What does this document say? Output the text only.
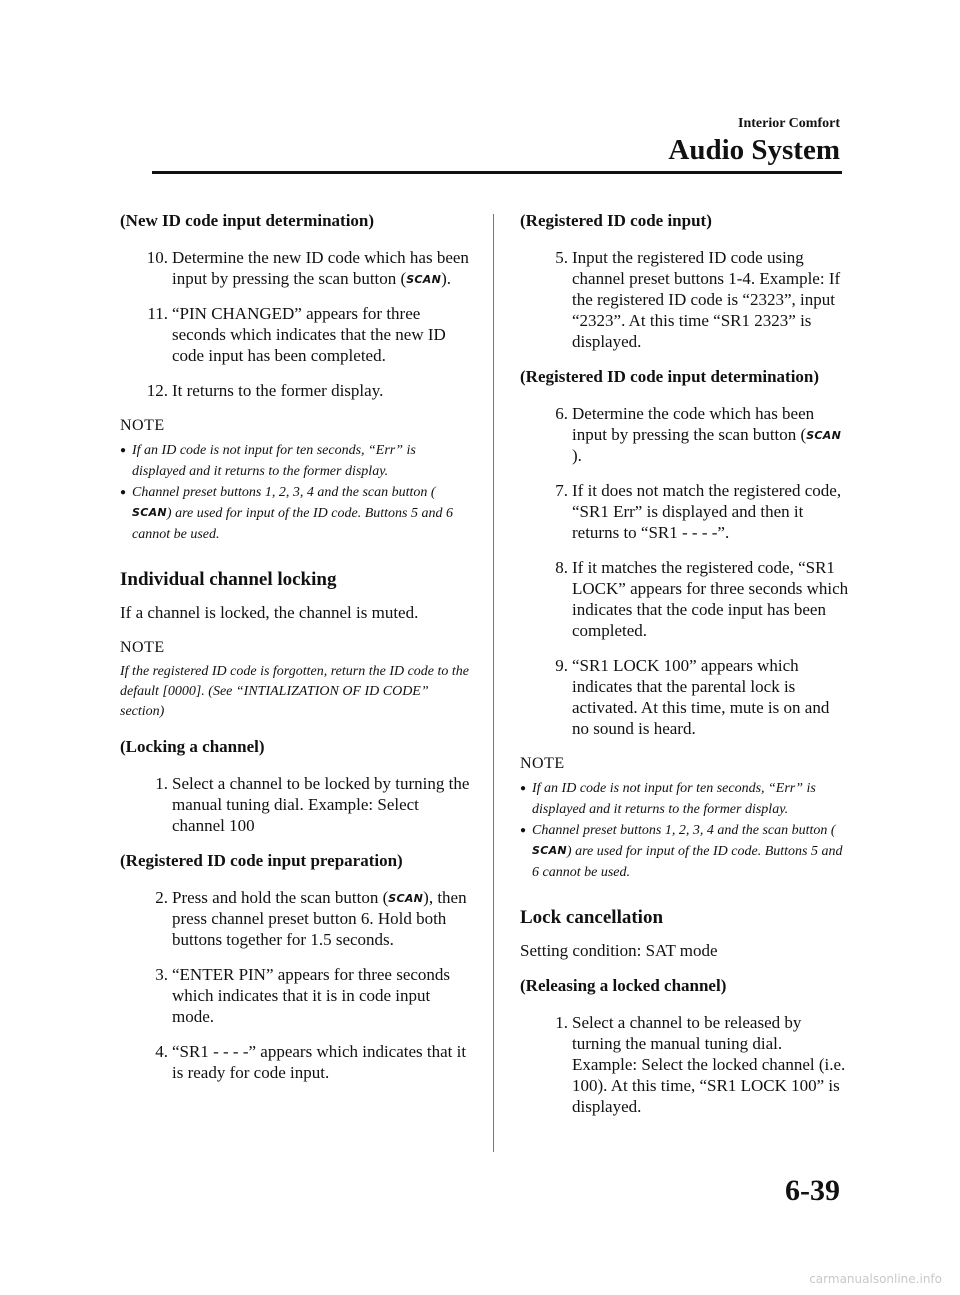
Interior Comfort
Audio System
(New ID code input determination)
10. Determine the new ID code which has been input by pressing the scan button (SCAN).
11. “PIN CHANGED” appears for three seconds which indicates that the new ID code input has been completed.
12. It returns to the former display.
NOTE
● If an ID code is not input for ten seconds, “Err” is displayed and it returns to the former display.
● Channel preset buttons 1, 2, 3, 4 and the scan button (SCAN) are used for input of the ID code. Buttons 5 and 6 cannot be used.
Individual channel locking
If a channel is locked, the channel is muted.
NOTE
If the registered ID code is forgotten, return the ID code to the default [0000]. (See “INTIALIZATION OF ID CODE” section)
(Locking a channel)
1. Select a channel to be locked by turning the manual tuning dial. Example: Select channel 100
(Registered ID code input preparation)
2. Press and hold the scan button (SCAN), then press channel preset button 6. Hold both buttons together for 1.5 seconds.
3. “ENTER PIN” appears for three seconds which indicates that it is in code input mode.
4. “SR1 - - - -” appears which indicates that it is ready for code input.
(Registered ID code input)
5. Input the registered ID code using channel preset buttons 1-4. Example: If the registered ID code is “2323”, input “2323”. At this time “SR1 2323” is displayed.
(Registered ID code input determination)
6. Determine the code which has been input by pressing the scan button (SCAN).
7. If it does not match the registered code, “SR1 Err” is displayed and then it returns to “SR1 - - - -”.
8. If it matches the registered code, “SR1 LOCK” appears for three seconds which indicates that the code input has been completed.
9. “SR1 LOCK 100” appears which indicates that the parental lock is activated. At this time, mute is on and no sound is heard.
NOTE
● If an ID code is not input for ten seconds, “Err” is displayed and it returns to the former display.
● Channel preset buttons 1, 2, 3, 4 and the scan button (SCAN) are used for input of the ID code. Buttons 5 and 6 cannot be used.
Lock cancellation
Setting condition: SAT mode
(Releasing a locked channel)
1. Select a channel to be released by turning the manual tuning dial. Example: Select the locked channel (i.e. 100). At this time, “SR1 LOCK 100” is displayed.
6-39
carmanualsonline.info
